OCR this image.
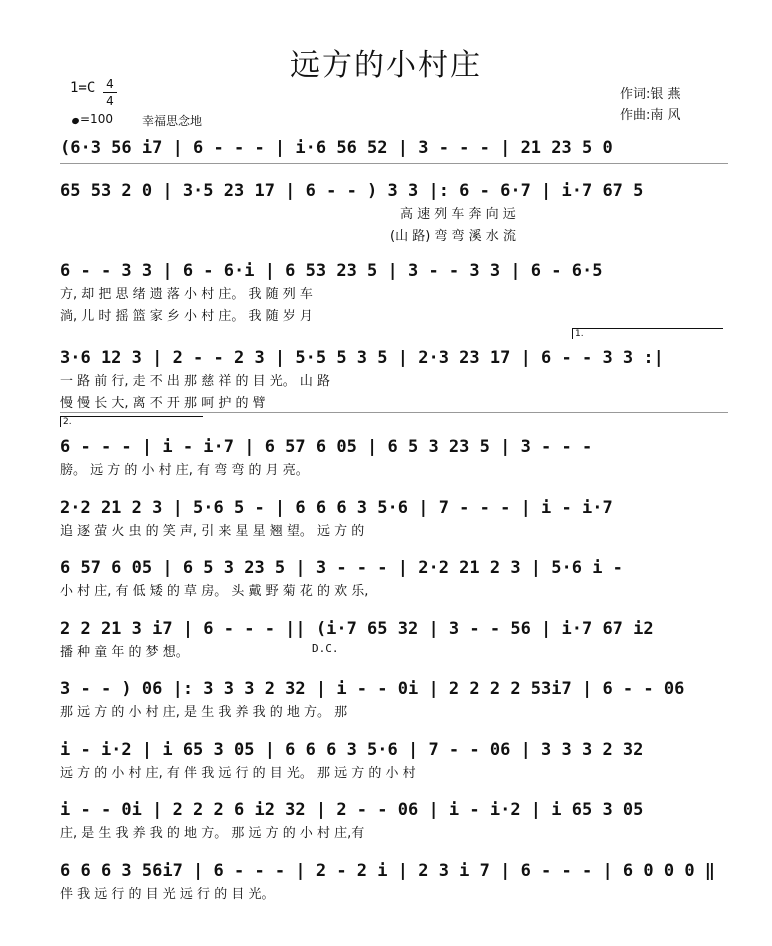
远方的小村庄
1=C 4
4
=100 幸福思念地
作词:银 燕
作曲:南 风
(6·3 56 i7 | 6 - - - | i·6 56 52 | 3 - - - | 21 23 5 0
65 53 2 0 | 3·5 23 17 | 6 - - ) 3 3 |: 6 - 6·7 | i·7 67 5
高 速 列 车 奔 向 远
(山 路) 弯 弯 溪 水 流
6 - - 3 3 | 6 - 6·i | 6 53 23 5 | 3 - - 3 3 | 6 - 6·5
方, 却 把 思 绪 遗 落 小 村 庄。 我 随 列 车
淌, 儿 时 摇 篮 家 乡 小 村 庄。 我 随 岁 月
1.
3·6 12 3 | 2 - - 2 3 | 5·5 5 3 5 | 2·3 23 17 | 6 - - 3 3 :|
一 路 前 行, 走 不 出 那 慈 祥 的 目 光。 山 路
慢 慢 长 大, 离 不 开 那 呵 护 的 臂
2.
6 - - - | i - i·7 | 6 57 6 05 | 6 5 3 23 5 | 3 - - -
膀。 远 方 的 小 村 庄, 有 弯 弯 的 月 亮。
2·2 21 2 3 | 5·6 5 - | 6 6 6 3 5·6 | 7 - - - | i - i·7
追 逐 萤 火 虫 的 笑 声, 引 来 星 星 翘 望。 远 方 的
6 57 6 05 | 6 5 3 23 5 | 3 - - - | 2·2 21 2 3 | 5·6 i -
小 村 庄, 有 低 矮 的 草 房。 头 戴 野 菊 花 的 欢 乐,
2 2 21 3 i7 | 6 - - - || (i·7 65 32 | 3 - - 56 | i·7 67 i2
播 种 童 年 的 梦 想。	D.C.
3 - - ) 06 |: 3 3 3 2 32 | i - - 0i | 2 2 2 2 53i7 | 6 - - 06
那 远 方 的 小 村 庄, 是 生 我 养 我 的 地 方。 那
i - i·2 | i 65 3 05 | 6 6 6 3 5·6 | 7 - - 06 | 3 3 3 2 32
远 方 的 小 村 庄, 有 伴 我 远 行 的 目 光。 那 远 方 的 小 村
i - - 0i | 2 2 2 6 i2 32 | 2 - - 06 | i - i·2 | i 65 3 05
庄, 是 生 我 养 我 的 地 方。 那 远 方 的 小 村 庄,有
6 6 6 3 56i7 | 6 - - - | 2 - 2 i | 2 3 i 7 | 6 - - - | 6 0 0 0 ‖
伴 我 远 行 的 目 光 远 行 的 目 光。
